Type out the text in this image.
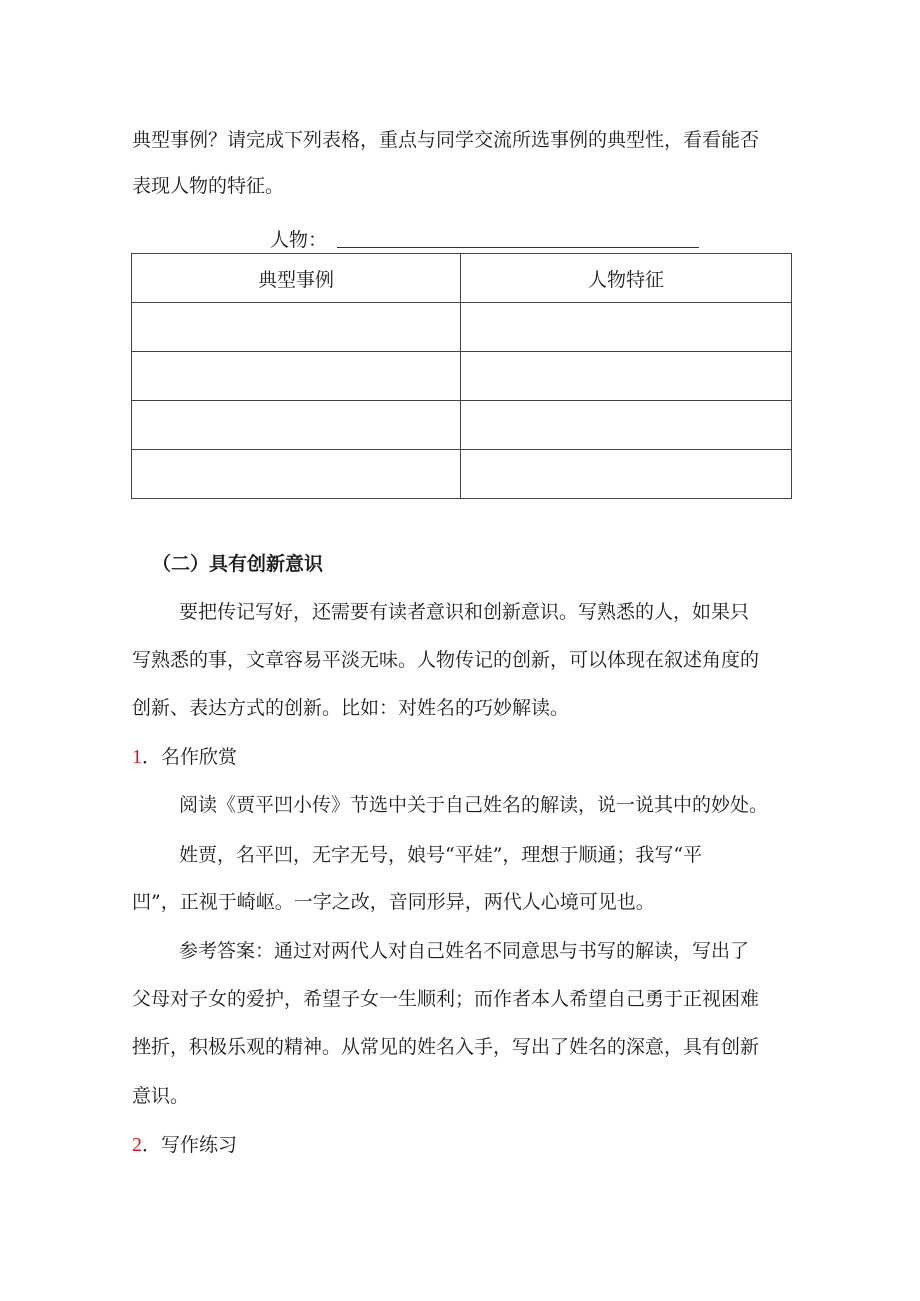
典型事例？请完成下列表格，重点与同学交流所选事例的典型性，看看能否
表现人物的特征。
人物：
典型事例	人物特征

（二）具有创新意识
要把传记写好，还需要有读者意识和创新意识。写熟悉的人，如果只
写熟悉的事，文章容易平淡无味。人物传记的创新，可以体现在叙述角度的
创新、表达方式的创新。比如：对姓名的巧妙解读。
1．名作欣赏
阅读《贾平凹小传》节选中关于自己姓名的解读，说一说其中的妙处。
姓贾，名平凹，无字无号，娘号“平娃”，理想于顺通；我写“平
凹”，正视于崎岖。一字之改，音同形异，两代人心境可见也。
参考答案：通过对两代人对自己姓名不同意思与书写的解读，写出了
父母对子女的爱护，希望子女一生顺利；而作者本人希望自己勇于正视困难
挫折，积极乐观的精神。从常见的姓名入手，写出了姓名的深意，具有创新
意识。
2．写作练习
